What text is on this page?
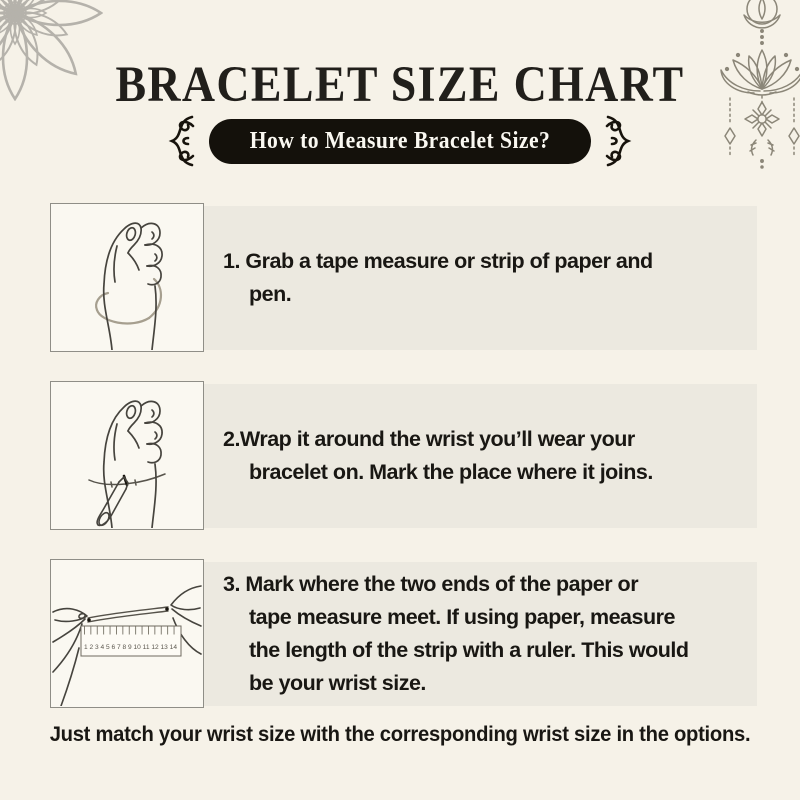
BRACELET SIZE CHART
How to Measure Bracelet Size?
1. Grab a tape measure or strip of paper and
pen.
2.Wrap it around the wrist you’ll wear your
bracelet on. Mark the place where it joins.
1 2 3 4 5 6 7 8 9 10 11 12 13 14
3. Mark where the two ends of the paper or
tape measure meet. If using paper, measure
the length of the strip with a ruler. This would
be your wrist size.
Just match your wrist size with the corresponding wrist size in the options.
